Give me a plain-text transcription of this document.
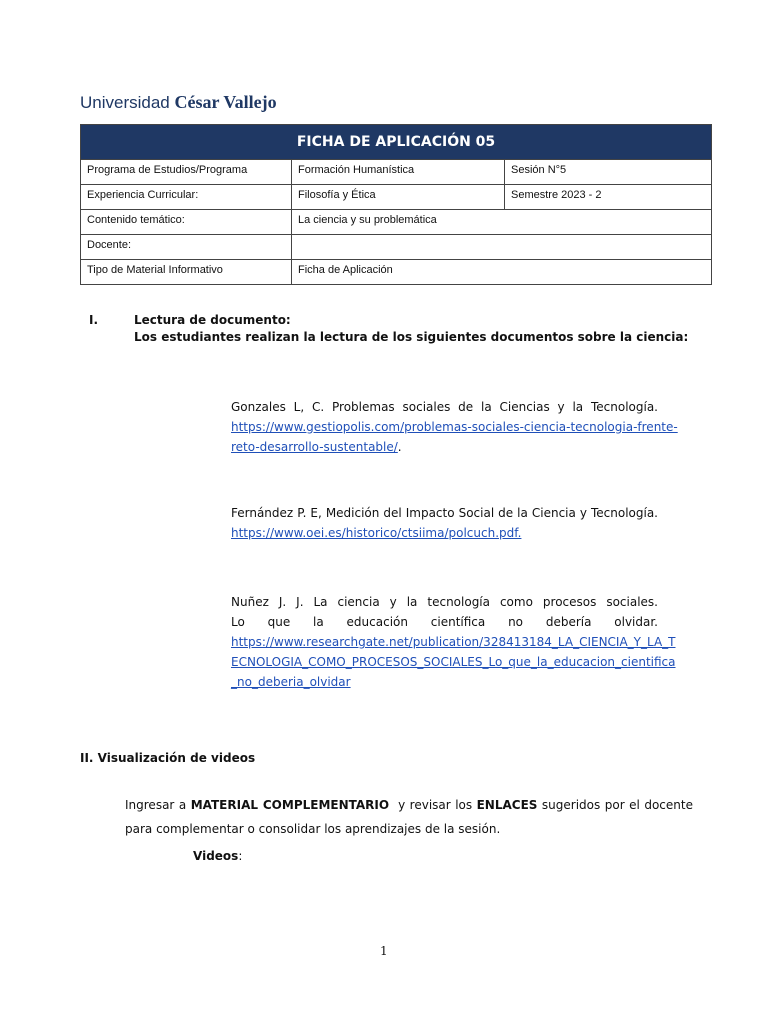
Universidad César Vallejo
FICHA DE APLICACIÓN 05		
Programa de Estudios/Programa	Formación Humanística	Sesión N°5
Experiencia Curricular:	Filosofía y Ética	Semestre 2023 - 2
Contenido temático:	La ciencia y su problemática	
Docente:		
Tipo de Material Informativo	Ficha de Aplicación	
I.	Lectura de documento:
Los estudiantes realizan la lectura de los siguientes documentos sobre la ciencia:
Gonzales L, C. Problemas sociales de la Ciencias y la Tecnología.
https://www.gestiopolis.com/problemas-sociales-ciencia-tecnologia-frente-
reto-desarrollo-sustentable/.
Fernández P. E, Medición del Impacto Social de la Ciencia y Tecnología.
https://www.oei.es/historico/ctsiima/polcuch.pdf.
Nuñez J. J. La ciencia y la tecnología como procesos sociales.
Lo que la educación científica no debería olvidar.
https://www.researchgate.net/publication/328413184_LA_CIENCIA_Y_LA_T
ECNOLOGIA_COMO_PROCESOS_SOCIALES_Lo_que_la_educacion_cientifica
_no_deberia_olvidar
II. Visualización de videos
Ingresar a MATERIAL COMPLEMENTARIO  y revisar los ENLACES sugeridos por el docente para complementar o consolidar los aprendizajes de la sesión.
Videos:
1
